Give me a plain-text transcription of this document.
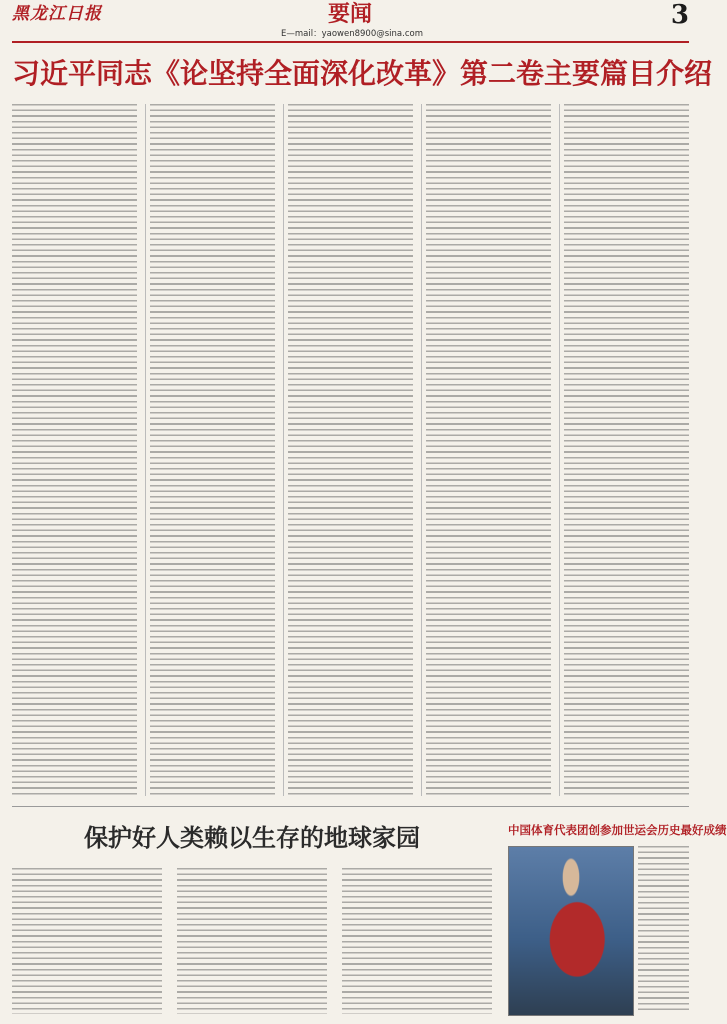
黑龙江日报	要闻	3
E—mail：yaowen8900@sina.com
习近平同志《论坚持全面深化改革》第二卷主要篇目介绍
保护好人类赖以生存的地球家园	中国体育代表团创参加世运会历史最好成绩
